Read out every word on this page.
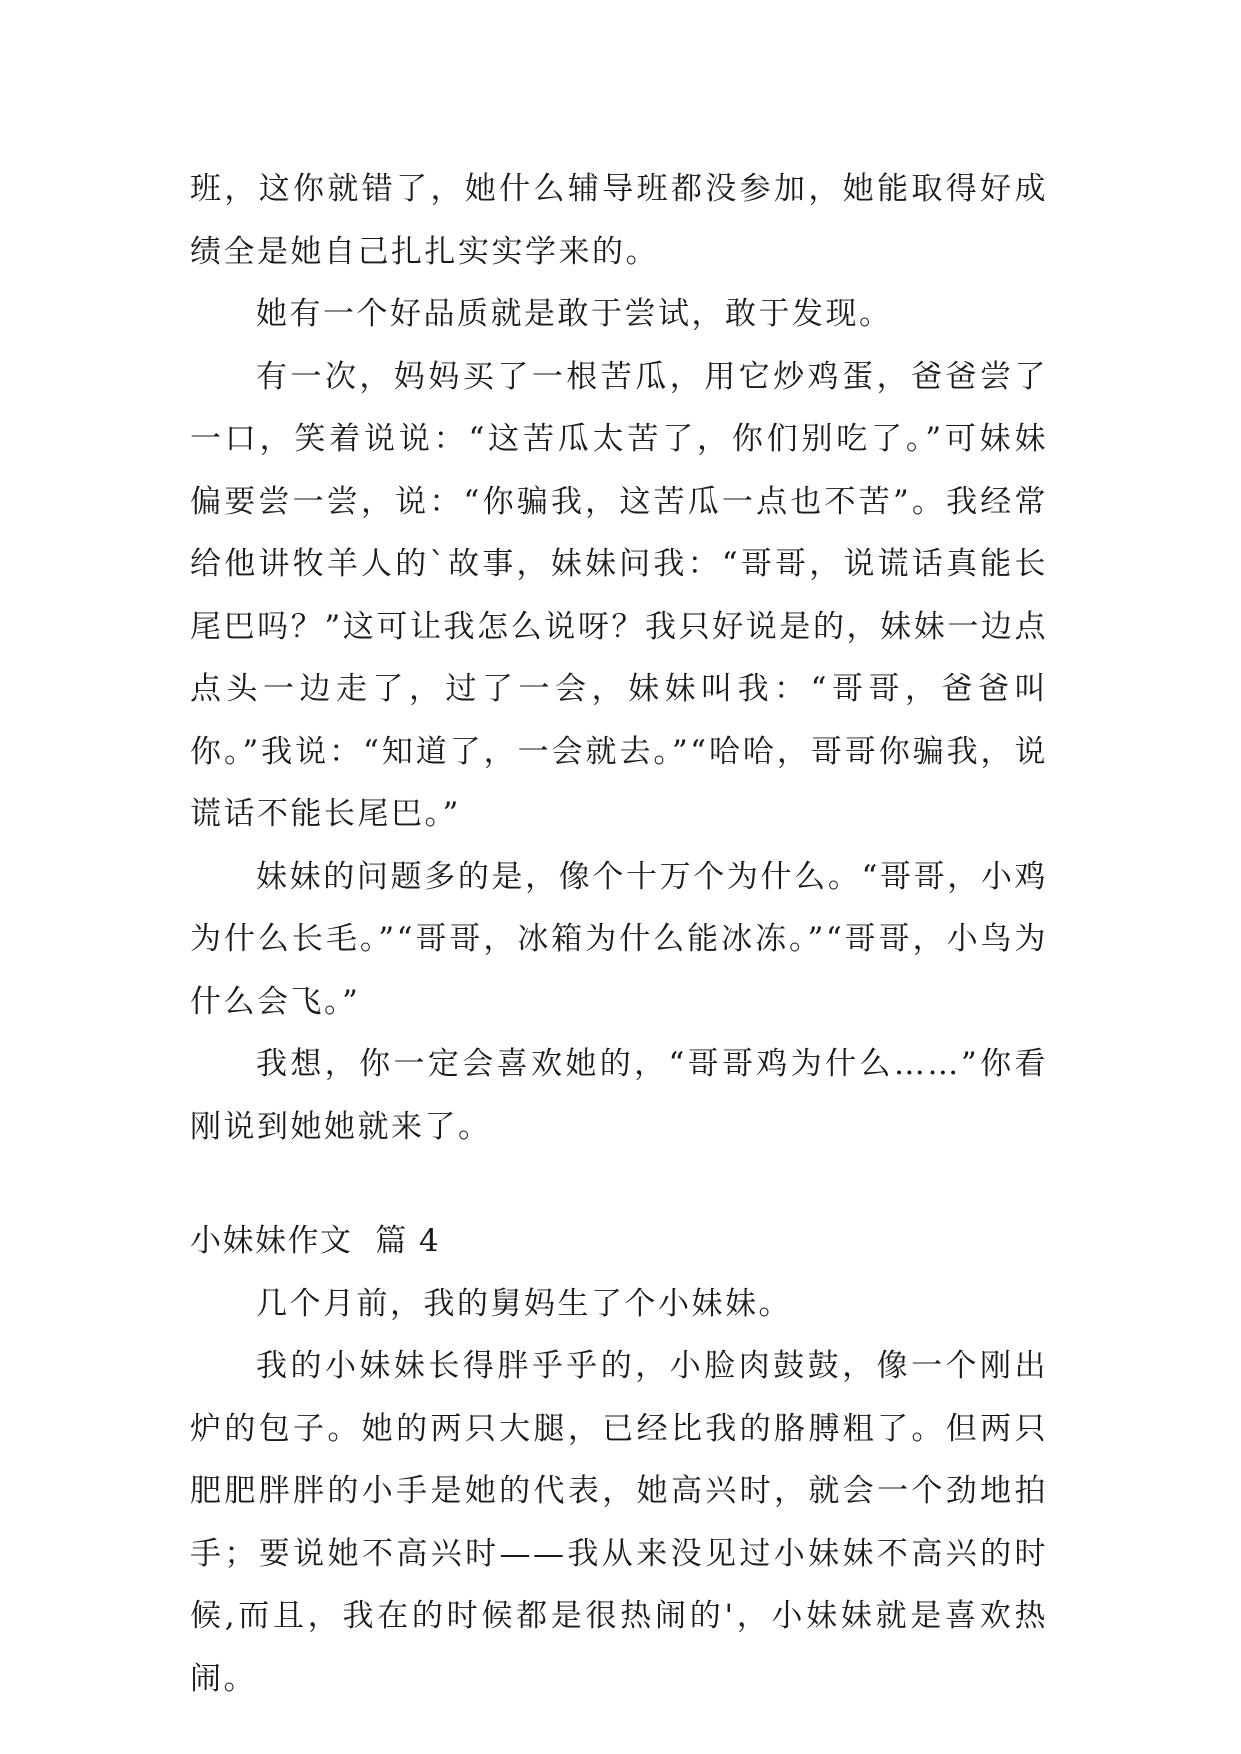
班，这你就错了，她什么辅导班都没参加，她能取得好成绩全是她自己扎扎实实学来的。

她有一个好品质就是敢于尝试，敢于发现。

有一次，妈妈买了一根苦瓜，用它炒鸡蛋，爸爸尝了一口，笑着说说：“这苦瓜太苦了，你们别吃了。”可妹妹偏要尝一尝，说：“你骗我，这苦瓜一点也不苦”。我经常给他讲牧羊人的`故事，妹妹问我：“哥哥，说谎话真能长尾巴吗？”这可让我怎么说呀？我只好说是的，妹妹一边点点头一边走了，过了一会，妹妹叫我：“哥哥，爸爸叫你。”我说：“知道了，一会就去。”“哈哈，哥哥你骗我，说谎话不能长尾巴。”

妹妹的问题多的是，像个十万个为什么。“哥哥，小鸡为什么长毛。”“哥哥，冰箱为什么能冰冻。”“哥哥，小鸟为什么会飞。”

我想，你一定会喜欢她的，“哥哥鸡为什么……”你看刚说到她她就来了。

小妹妹作文  篇 4

几个月前，我的舅妈生了个小妹妹。

我的小妹妹长得胖乎乎的，小脸肉鼓鼓，像一个刚出炉的包子。她的两只大腿，已经比我的胳膊粗了。但两只肥肥胖胖的小手是她的代表，她高兴时，就会一个劲地拍手；要说她不高兴时——我从来没见过小妹妹不高兴的时候,而且，我在的时候都是很热闹的'，小妹妹就是喜欢热闹。
